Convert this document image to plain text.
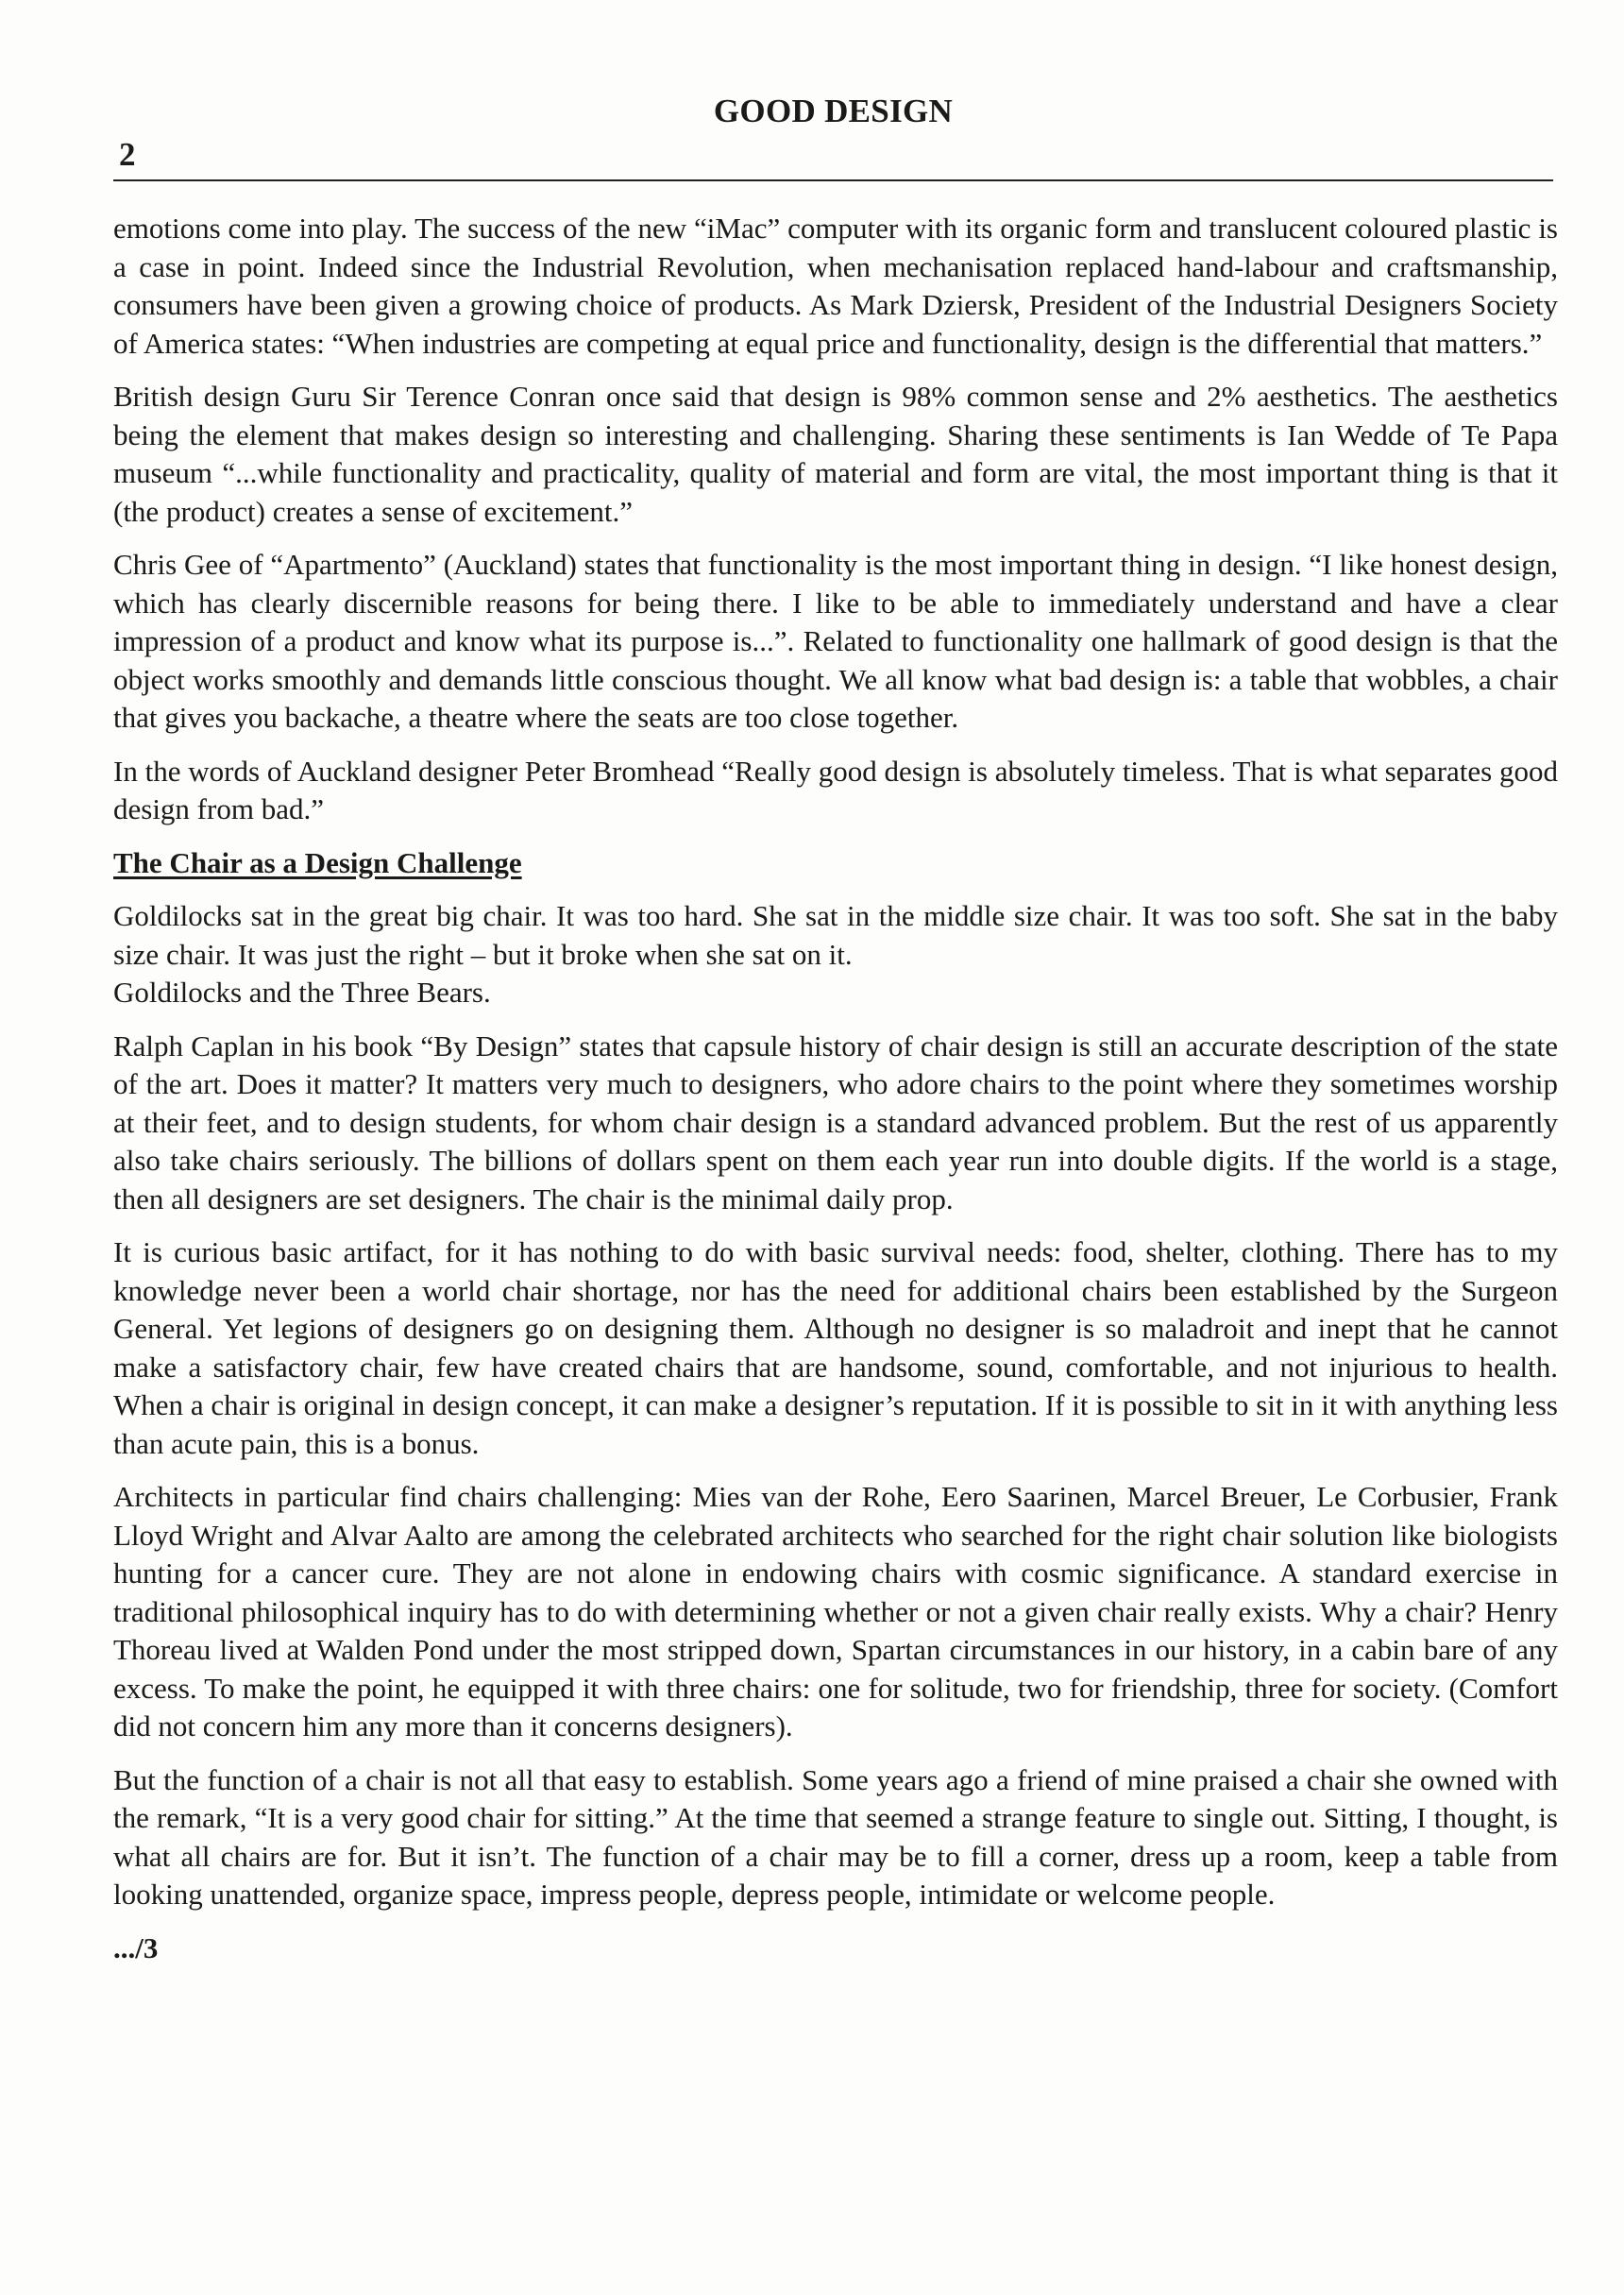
GOOD DESIGN
2

emotions come into play. The success of the new “iMac” computer with its organic form and translucent coloured plastic is a case in point. Indeed since the Industrial Revolution, when mechanisation replaced hand-labour and craftsmanship, consumers have been given a growing choice of products. As Mark Dziersk, President of the Industrial Designers Society of America states: “When industries are competing at equal price and functionality, design is the differential that matters.”

British design Guru Sir Terence Conran once said that design is 98% common sense and 2% aesthetics. The aesthetics being the element that makes design so interesting and challenging. Sharing these sentiments is Ian Wedde of Te Papa museum “...while functionality and practicality, quality of material and form are vital, the most important thing is that it (the product) creates a sense of excitement.”

Chris Gee of “Apartmento” (Auckland) states that functionality is the most important thing in design. “I like honest design, which has clearly discernible reasons for being there. I like to be able to immediately understand and have a clear impression of a product and know what its purpose is...”. Related to functionality one hallmark of good design is that the object works smoothly and demands little conscious thought. We all know what bad design is: a table that wobbles, a chair that gives you backache, a theatre where the seats are too close together.

In the words of Auckland designer Peter Bromhead “Really good design is absolutely timeless. That is what separates good design from bad.”

The Chair as a Design Challenge

Goldilocks sat in the great big chair. It was too hard. She sat in the middle size chair. It was too soft. She sat in the baby size chair. It was just the right – but it broke when she sat on it.
Goldilocks and the Three Bears.

Ralph Caplan in his book “By Design” states that capsule history of chair design is still an accurate description of the state of the art. Does it matter? It matters very much to designers, who adore chairs to the point where they sometimes worship at their feet, and to design students, for whom chair design is a standard advanced problem. But the rest of us apparently also take chairs seriously. The billions of dollars spent on them each year run into double digits. If the world is a stage, then all designers are set designers. The chair is the minimal daily prop.

It is curious basic artifact, for it has nothing to do with basic survival needs: food, shelter, clothing. There has to my knowledge never been a world chair shortage, nor has the need for additional chairs been established by the Surgeon General. Yet legions of designers go on designing them. Although no designer is so maladroit and inept that he cannot make a satisfactory chair, few have created chairs that are handsome, sound, comfortable, and not injurious to health. When a chair is original in design concept, it can make a designer’s reputation. If it is possible to sit in it with anything less than acute pain, this is a bonus.

Architects in particular find chairs challenging: Mies van der Rohe, Eero Saarinen, Marcel Breuer, Le Corbusier, Frank Lloyd Wright and Alvar Aalto are among the celebrated architects who searched for the right chair solution like biologists hunting for a cancer cure. They are not alone in endowing chairs with cosmic significance. A standard exercise in traditional philosophical inquiry has to do with determining whether or not a given chair really exists. Why a chair? Henry Thoreau lived at Walden Pond under the most stripped down, Spartan circumstances in our history, in a cabin bare of any excess. To make the point, he equipped it with three chairs: one for solitude, two for friendship, three for society. (Comfort did not concern him any more than it concerns designers).

But the function of a chair is not all that easy to establish. Some years ago a friend of mine praised a chair she owned with the remark, “It is a very good chair for sitting.” At the time that seemed a strange feature to single out. Sitting, I thought, is what all chairs are for. But it isn’t. The function of a chair may be to fill a corner, dress up a room, keep a table from looking unattended, organize space, impress people, depress people, intimidate or welcome people.

.../3
